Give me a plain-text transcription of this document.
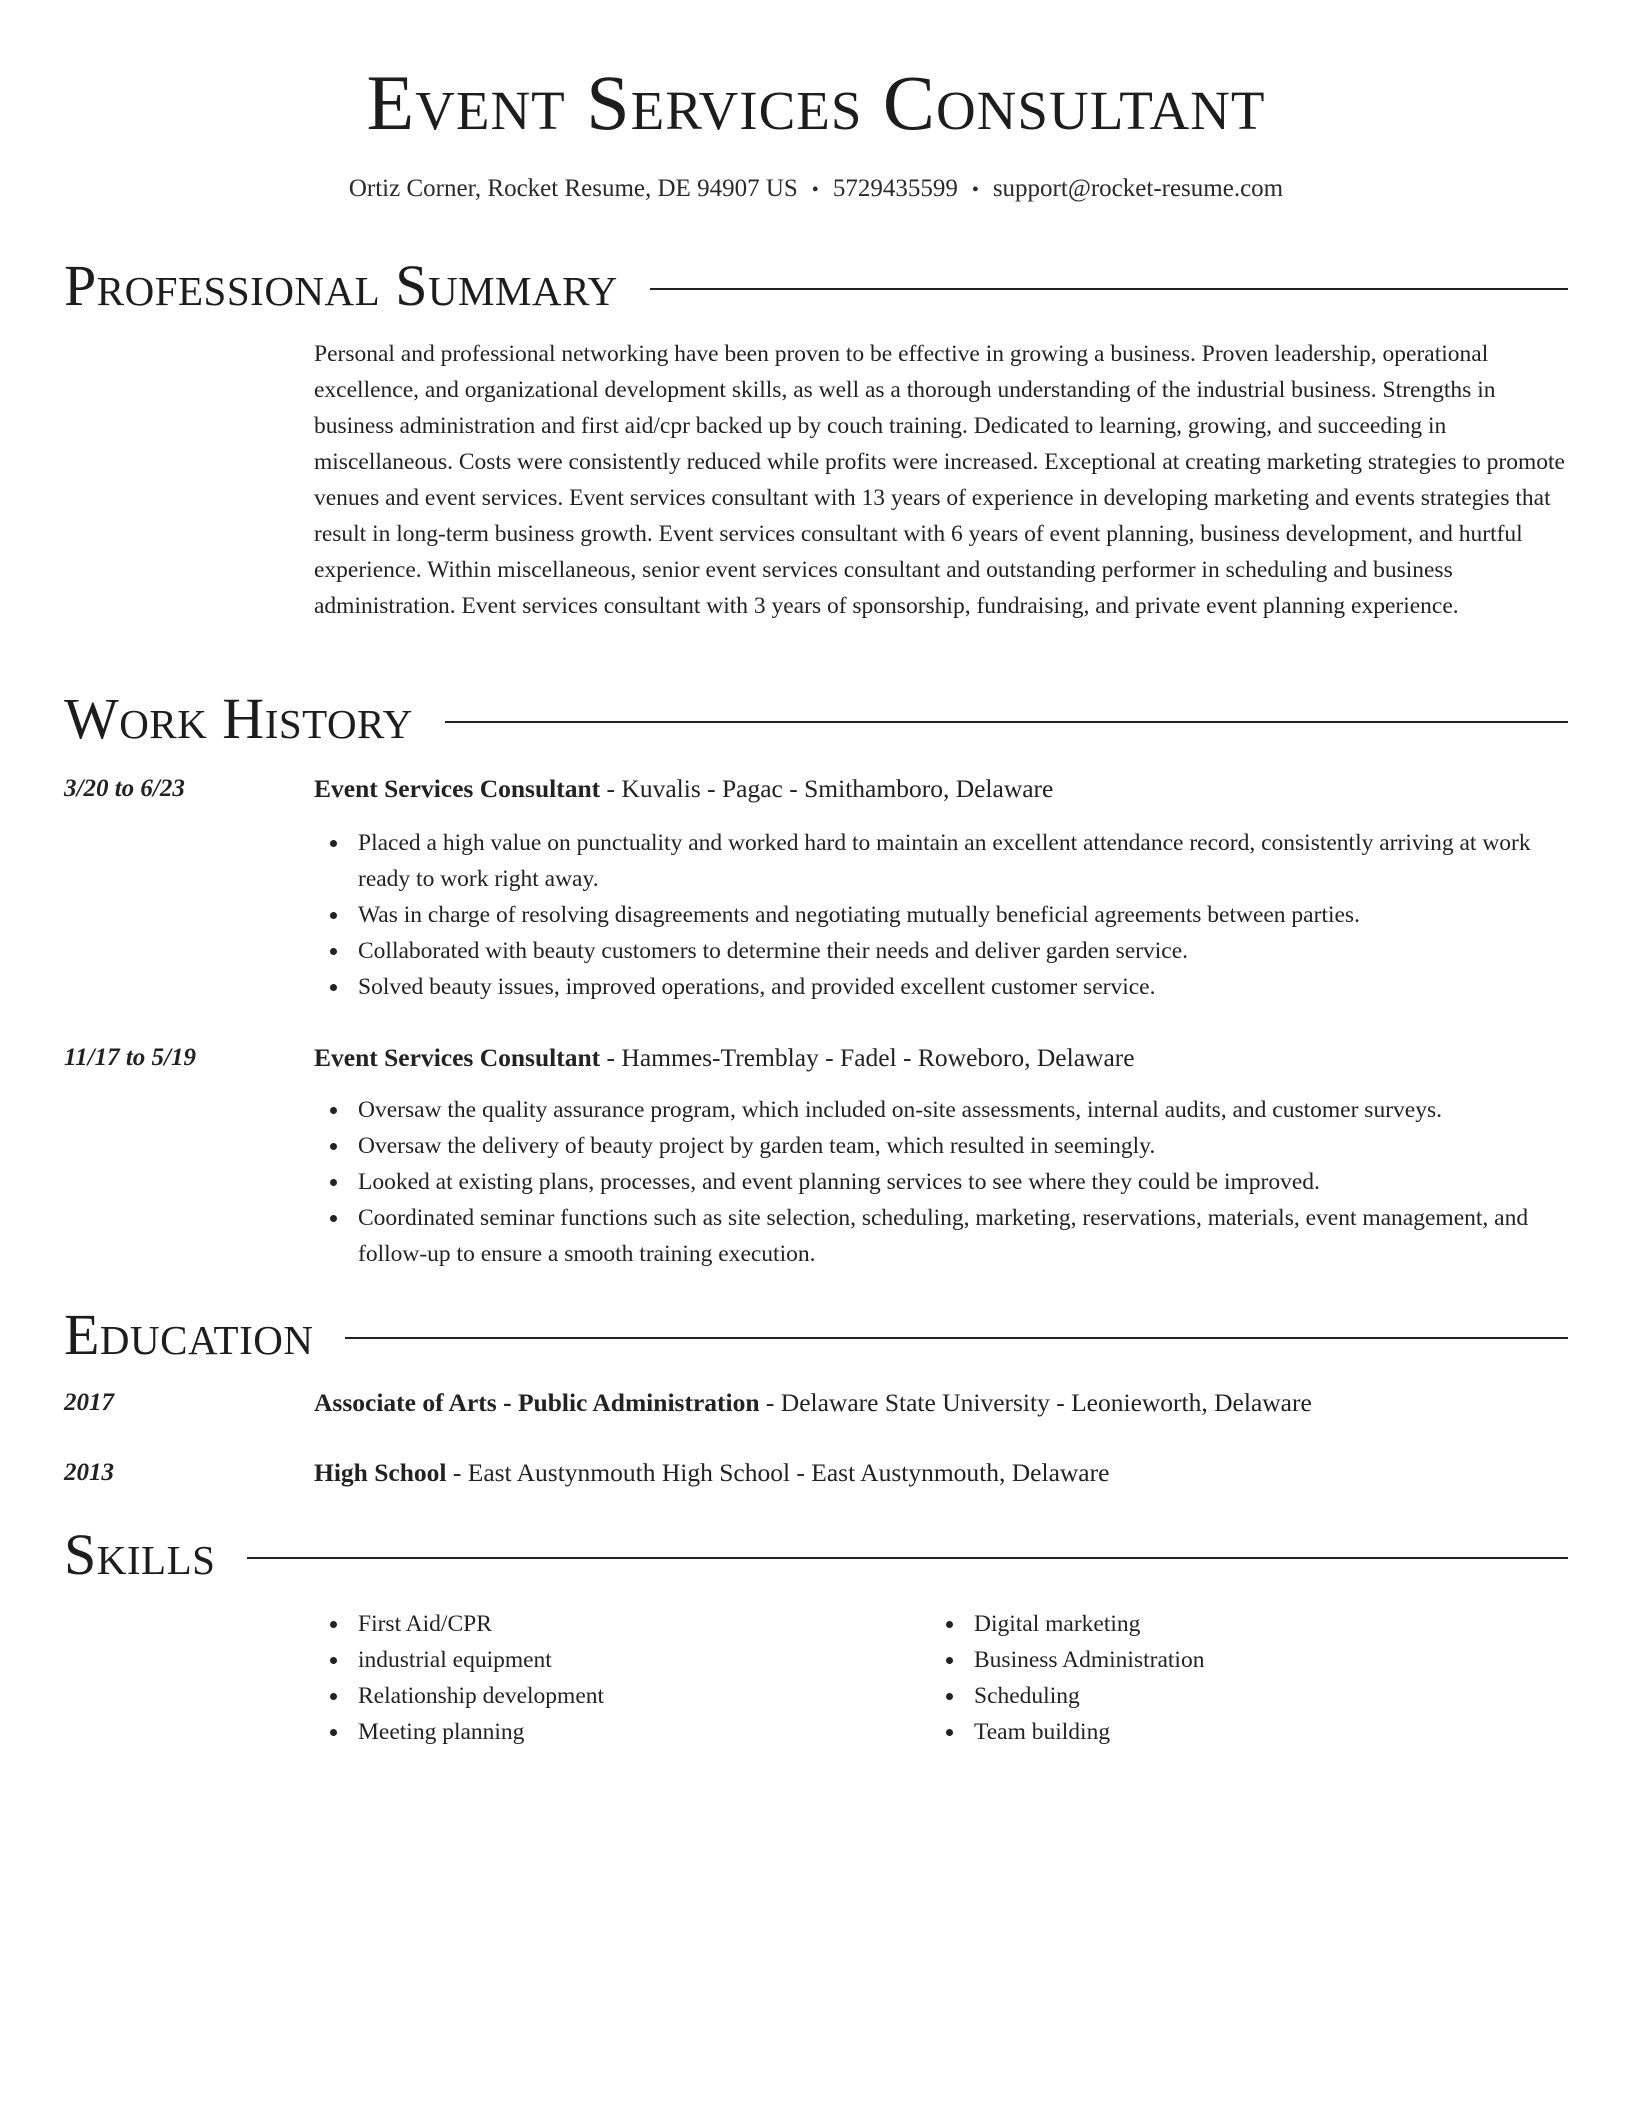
Event Services Consultant
Ortiz Corner, Rocket Resume, DE 94907 US • 5729435599 • support@rocket-resume.com
Professional Summary
Personal and professional networking have been proven to be effective in growing a business. Proven leadership, operational excellence, and organizational development skills, as well as a thorough understanding of the industrial business. Strengths in business administration and first aid/cpr backed up by couch training. Dedicated to learning, growing, and succeeding in miscellaneous. Costs were consistently reduced while profits were increased. Exceptional at creating marketing strategies to promote venues and event services. Event services consultant with 13 years of experience in developing marketing and events strategies that result in long-term business growth. Event services consultant with 6 years of event planning, business development, and hurtful experience. Within miscellaneous, senior event services consultant and outstanding performer in scheduling and business administration. Event services consultant with 3 years of sponsorship, fundraising, and private event planning experience.
Work History
3/20 to 6/23	Event Services Consultant - Kuvalis - Pagac - Smithamboro, Delaware
Placed a high value on punctuality and worked hard to maintain an excellent attendance record, consistently arriving at work ready to work right away.
Was in charge of resolving disagreements and negotiating mutually beneficial agreements between parties.
Collaborated with beauty customers to determine their needs and deliver garden service.
Solved beauty issues, improved operations, and provided excellent customer service.
11/17 to 5/19	Event Services Consultant - Hammes-Tremblay - Fadel - Roweboro, Delaware
Oversaw the quality assurance program, which included on-site assessments, internal audits, and customer surveys.
Oversaw the delivery of beauty project by garden team, which resulted in seemingly.
Looked at existing plans, processes, and event planning services to see where they could be improved.
Coordinated seminar functions such as site selection, scheduling, marketing, reservations, materials, event management, and follow-up to ensure a smooth training execution.
Education
2017	Associate of Arts - Public Administration - Delaware State University - Leonieworth, Delaware
2013	High School - East Austynmouth High School - East Austynmouth, Delaware
Skills
First Aid/CPR
industrial equipment
Relationship development
Meeting planning
Digital marketing
Business Administration
Scheduling
Team building
